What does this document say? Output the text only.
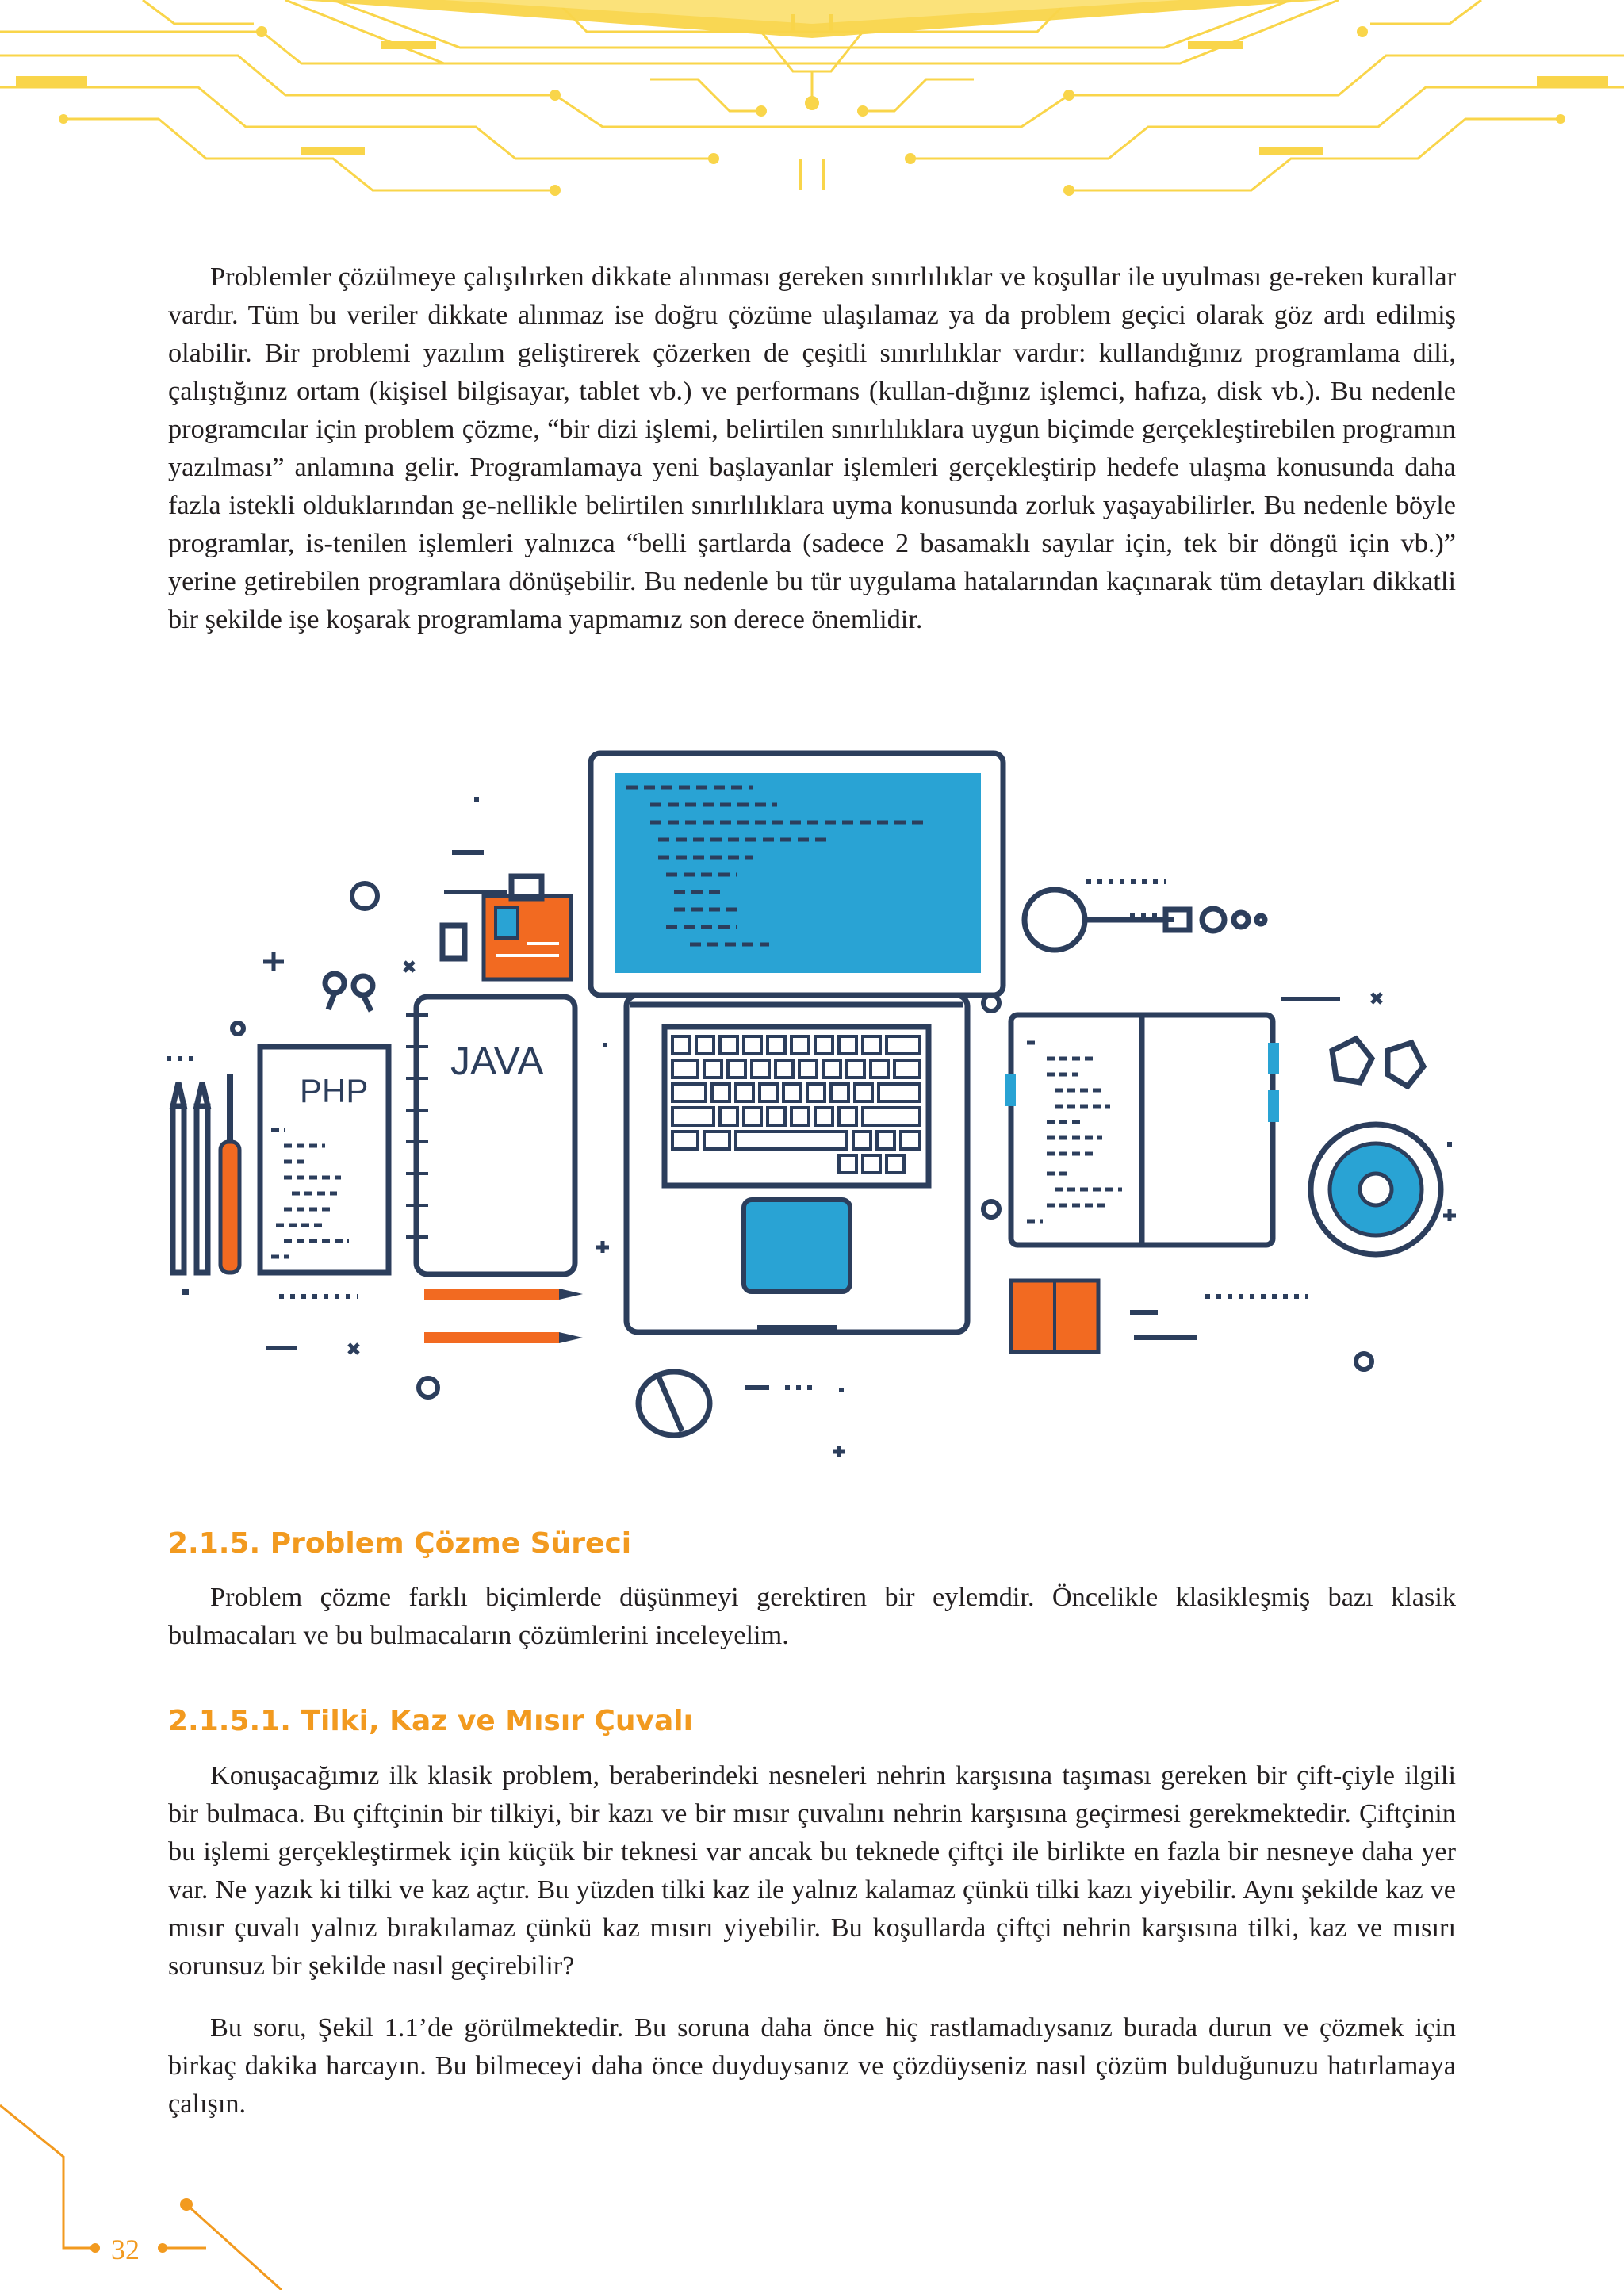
Problemler çözülmeye çalışılırken dikkate alınması gereken sınırlılıklar ve koşullar ile uyulması ge-reken kurallar vardır. Tüm bu veriler dikkate alınmaz ise doğru çözüme ulaşılamaz ya da problem geçici olarak göz ardı edilmiş olabilir. Bir problemi yazılım geliştirerek çözerken de çeşitli sınırlılıklar vardır: kullandığınız programlama dili, çalıştığınız ortam (kişisel bilgisayar, tablet vb.) ve performans (kullan-dığınız işlemci, hafıza, disk vb.). Bu nedenle programcılar için problem çözme, “bir dizi işlemi, belirtilen sınırlılıklara uygun biçimde gerçekleştirebilen programın yazılması” anlamına gelir. Programlamaya yeni başlayanlar işlemleri gerçekleştirip hedefe ulaşma konusunda daha fazla istekli olduklarından ge-nellikle belirtilen sınırlılıklara uyma konusunda zorluk yaşayabilirler. Bu nedenle böyle programlar, is-tenilen işlemleri yalnızca “belli şartlarda (sadece 2 basamaklı sayılar için, tek bir döngü için vb.)” yerine getirebilen programlara dönüşebilir. Bu nedenle bu tür uygulama hatalarından kaçınarak tüm detayları dikkatli bir şekilde işe koşarak programlama yapmamız son derece önemlidir.

PHP
JAVA
2.1.5. Problem Çözme Süreci

Problem çözme farklı biçimlerde düşünmeyi gerektiren bir eylemdir. Öncelikle klasikleşmiş bazı klasik bulmacaları ve bu bulmacaların çözümlerini inceleyelim.

2.1.5.1. Tilki, Kaz ve Mısır Çuvalı

Konuşacağımız ilk klasik problem, beraberindeki nesneleri nehrin karşısına taşıması gereken bir çift-çiyle ilgili bir bulmaca. Bu çiftçinin bir tilkiyi, bir kazı ve bir mısır çuvalını nehrin karşısına geçirmesi gerekmektedir. Çiftçinin bu işlemi gerçekleştirmek için küçük bir teknesi var ancak bu teknede çiftçi ile birlikte en fazla bir nesneye daha yer var. Ne yazık ki tilki ve kaz açtır. Bu yüzden tilki kaz ile yalnız kalamaz çünkü tilki kazı yiyebilir. Aynı şekilde kaz ve mısır çuvalı yalnız bırakılamaz çünkü kaz mısırı yiyebilir. Bu koşullarda çiftçi nehrin karşısına tilki, kaz ve mısırı sorunsuz bir şekilde nasıl geçirebilir?

Bu soru, Şekil 1.1’de görülmektedir. Bu soruna daha önce hiç rastlamadıysanız burada durun ve çözmek için birkaç dakika harcayın. Bu bilmeceyi daha önce duyduysanız ve çözdüyseniz nasıl çözüm bulduğunuzu hatırlamaya çalışın.

32
